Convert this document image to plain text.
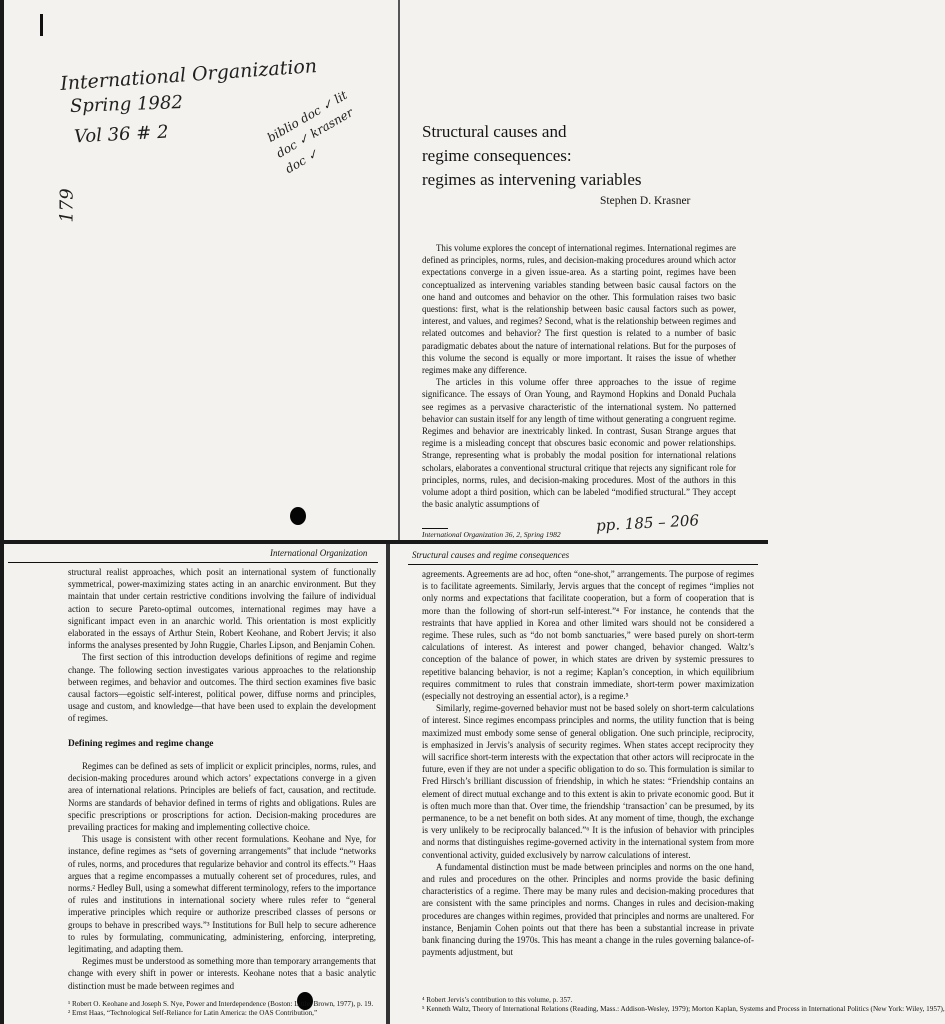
International Organization
Spring 1982
Vol 36 # 2	biblio doc ✓ lit doc ✓ krasner doc ✓
179
pp. 185 – 206
Structural causes and
regime consequences:
regimes as intervening variables
Stephen D. Krasner

This volume explores the concept of international regimes. International regimes are defined as principles, norms, rules, and decision-making procedures around which actor expectations converge in a given issue-area. As a starting point, regimes have been conceptualized as intervening variables standing between basic causal factors on the one hand and outcomes and behavior on the other. This formulation raises two basic questions: first, what is the relationship between basic causal factors such as power, interest, and values, and regimes? Second, what is the relationship between regimes and related outcomes and behavior? The first question is related to a number of basic paradigmatic debates about the nature of international relations. But for the purposes of this volume the second is equally or more important. It raises the issue of whether regimes make any difference.

The articles in this volume offer three approaches to the issue of regime significance. The essays of Oran Young, and Raymond Hopkins and Donald Puchala see regimes as a pervasive characteristic of the international system. No patterned behavior can sustain itself for any length of time without generating a congruent regime. Regimes and behavior are inextricably linked. In contrast, Susan Strange argues that regime is a misleading concept that obscures basic economic and power relationships. Strange, representing what is probably the modal position for international relations scholars, elaborates a conventional structural critique that rejects any significant role for principles, norms, rules, and decision-making procedures. Most of the authors in this volume adopt a third position, which can be labeled “modified structural.” They accept the basic analytic assumptions of

International Organization 36, 2, Spring 1982
International Organization

structural realist approaches, which posit an international system of functionally symmetrical, power-maximizing states acting in an anarchic environment. But they maintain that under certain restrictive conditions involving the failure of individual action to secure Pareto-optimal outcomes, international regimes may have a significant impact even in an anarchic world. This orientation is most explicitly elaborated in the essays of Arthur Stein, Robert Keohane, and Robert Jervis; it also informs the analyses presented by John Ruggie, Charles Lipson, and Benjamin Cohen.

The first section of this introduction develops definitions of regime and regime change. The following section investigates various approaches to the relationship between regimes, and behavior and outcomes. The third section examines five basic causal factors—egoistic self-interest, political power, diffuse norms and principles, usage and custom, and knowledge—that have been used to explain the development of regimes.

Defining regimes and regime change

Regimes can be defined as sets of implicit or explicit principles, norms, rules, and decision-making procedures around which actors’ expectations converge in a given area of international relations. Principles are beliefs of fact, causation, and rectitude. Norms are standards of behavior defined in terms of rights and obligations. Rules are specific prescriptions or proscriptions for action. Decision-making procedures are prevailing practices for making and implementing collective choice.

This usage is consistent with other recent formulations. Keohane and Nye, for instance, define regimes as “sets of governing arrangements” that include “networks of rules, norms, and procedures that regularize behavior and control its effects.”¹ Haas argues that a regime encompasses a mutually coherent set of procedures, rules, and norms.² Hedley Bull, using a somewhat different terminology, refers to the importance of rules and institutions in international society where rules refer to “general imperative principles which require or authorize prescribed classes of persons or groups to behave in prescribed ways.”³ Institutions for Bull help to secure adherence to rules by formulating, communicating, administering, enforcing, interpreting, legitimating, and adapting them.

Regimes must be understood as something more than temporary arrangements that change with every shift in power or interests. Keohane notes that a basic analytic distinction must be made between regimes and

¹ Robert O. Keohane and Joseph S. Nye, Power and Interdependence (Boston: Little, Brown, 1977), p. 19.
² Ernst Haas, “Technological Self-Reliance for Latin America: the OAS Contribution,”
Structural causes and regime consequences

agreements. Agreements are ad hoc, often “one-shot,” arrangements. The purpose of regimes is to facilitate agreements. Similarly, Jervis argues that the concept of regimes “implies not only norms and expectations that facilitate cooperation, but a form of cooperation that is more than the following of short-run self-interest.”⁴ For instance, he contends that the restraints that have applied in Korea and other limited wars should not be considered a regime. These rules, such as “do not bomb sanctuaries,” were based purely on short-term calculations of interest. As interest and power changed, behavior changed. Waltz’s conception of the balance of power, in which states are driven by systemic pressures to repetitive balancing behavior, is not a regime; Kaplan’s conception, in which equilibrium requires commitment to rules that constrain immediate, short-term power maximization (especially not destroying an essential actor), is a regime.⁵

Similarly, regime-governed behavior must not be based solely on short-term calculations of interest. Since regimes encompass principles and norms, the utility function that is being maximized must embody some sense of general obligation. One such principle, reciprocity, is emphasized in Jervis’s analysis of security regimes. When states accept reciprocity they will sacrifice short-term interests with the expectation that other actors will reciprocate in the future, even if they are not under a specific obligation to do so. This formulation is similar to Fred Hirsch’s brilliant discussion of friendship, in which he states: “Friendship contains an element of direct mutual exchange and to this extent is akin to private economic good. But it is often much more than that. Over time, the friendship ‘transaction’ can be presumed, by its permanence, to be a net benefit on both sides. At any moment of time, though, the exchange is very unlikely to be reciprocally balanced.”⁶ It is the infusion of behavior with principles and norms that distinguishes regime-governed activity in the international system from more conventional activity, guided exclusively by narrow calculations of interest.

A fundamental distinction must be made between principles and norms on the one hand, and rules and procedures on the other. Principles and norms provide the basic defining characteristics of a regime. There may be many rules and decision-making procedures that are consistent with the same principles and norms. Changes in rules and decision-making procedures are changes within regimes, provided that principles and norms are unaltered. For instance, Benjamin Cohen points out that there has been a substantial increase in private bank financing during the 1970s. This has meant a change in the rules governing balance-of-payments adjustment, but

⁴ Robert Jervis’s contribution to this volume, p. 357.
⁵ Kenneth Waltz, Theory of International Relations (Reading, Mass.: Addison-Wesley, 1979); Morton Kaplan, Systems and Process in International Politics (New York: Wiley, 1957),
